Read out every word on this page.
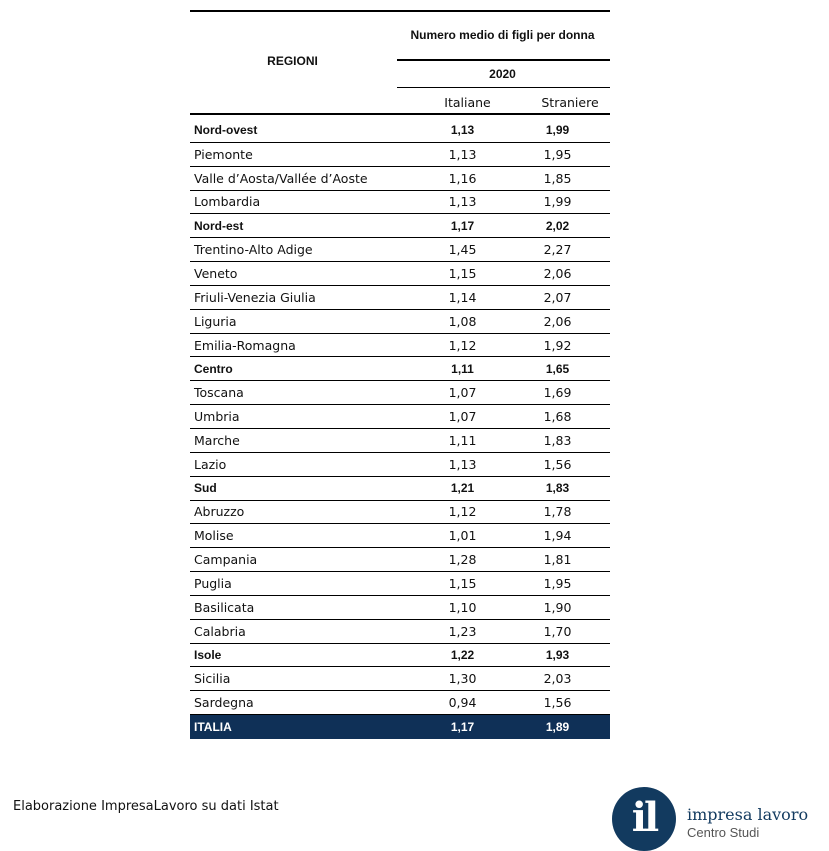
REGIONI
Numero medio di figli per donna
2020
Italiane	Straniere
Nord-ovest	1,13	1,99
Piemonte	1,13	1,95
Valle d’Aosta/Vallée d’Aoste	1,16	1,85
Lombardia	1,13	1,99
Nord-est	1,17	2,02
Trentino-Alto Adige	1,45	2,27
Veneto	1,15	2,06
Friuli-Venezia Giulia	1,14	2,07
Liguria	1,08	2,06
Emilia-Romagna	1,12	1,92
Centro	1,11	1,65
Toscana	1,07	1,69
Umbria	1,07	1,68
Marche	1,11	1,83
Lazio	1,13	1,56
Sud	1,21	1,83
Abruzzo	1,12	1,78
Molise	1,01	1,94
Campania	1,28	1,81
Puglia	1,15	1,95
Basilicata	1,10	1,90
Calabria	1,23	1,70
Isole	1,22	1,93
Sicilia	1,30	2,03
Sardegna	0,94	1,56
ITALIA	1,17	1,89
Elaborazione ImpresaLavoro su dati Istat	il	impresa lavoro
Centro Studi
